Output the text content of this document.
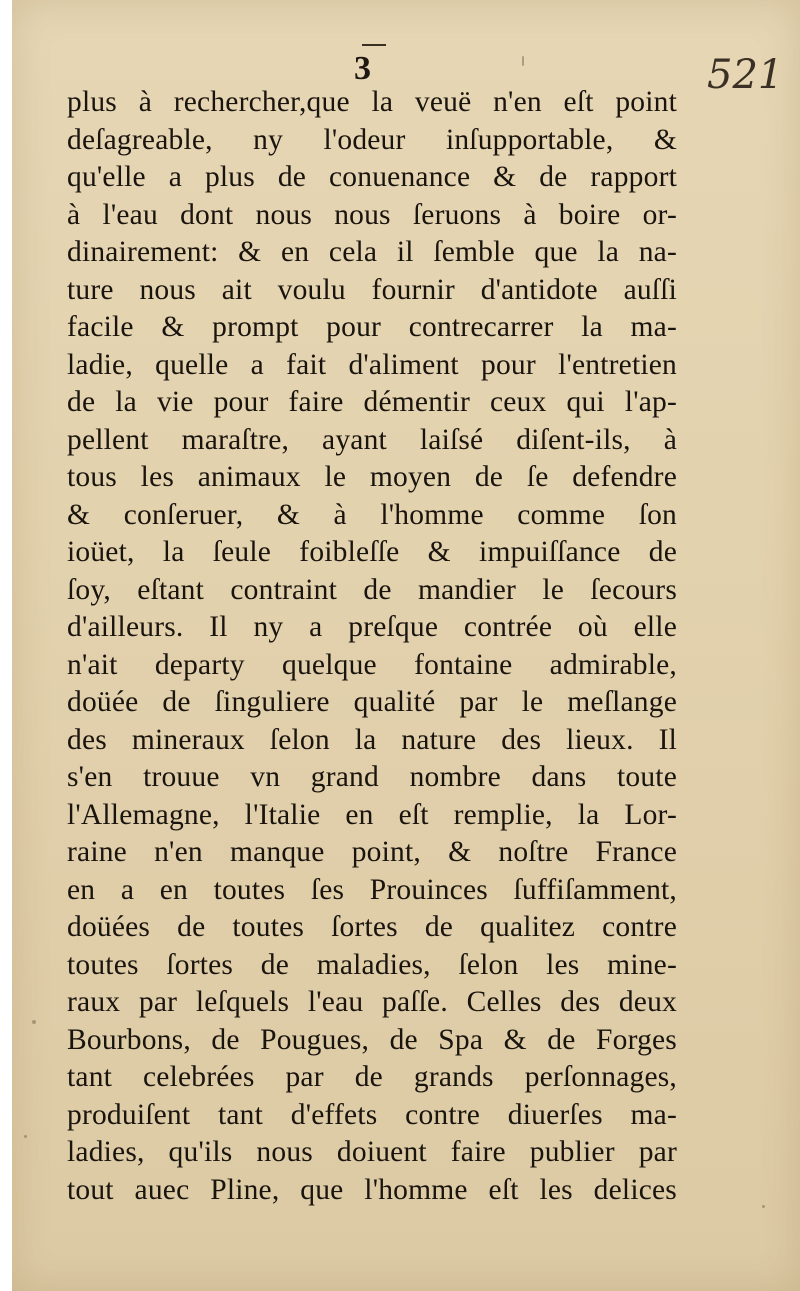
3	521
plus à rechercher,que la veuë n'en eſt point
deſagreable, ny l'odeur inſupportable, &
qu'elle a plus de conuenance & de rapport
à l'eau dont nous nous ſeruons à boire or-
dinairement: & en cela il ſemble que la na-
ture nous ait voulu fournir d'antidote auſſi
facile & prompt pour contrecarrer la ma-
ladie, quelle a fait d'aliment pour l'entretien
de la vie pour faire démentir ceux qui l'ap-
pellent maraſtre, ayant laiſsé diſent-ils, à
tous les animaux le moyen de ſe defendre
& conſeruer, & à l'homme comme ſon
ioüet, la ſeule foibleſſe & impuiſſance de
ſoy, eſtant contraint de mandier le ſecours
d'ailleurs. Il ny a preſque contrée où elle
n'ait departy quelque fontaine admirable,
doüée de ſinguliere qualité par le meſlange
des mineraux ſelon la nature des lieux. Il
s'en trouue vn grand nombre dans toute
l'Allemagne, l'Italie en eſt remplie, la Lor-
raine n'en manque point, & noſtre France
en a en toutes ſes Prouinces ſuffiſamment,
doüées de toutes ſortes de qualitez contre
toutes ſortes de maladies, ſelon les mine-
raux par leſquels l'eau paſſe. Celles des deux
Bourbons, de Pougues, de Spa & de Forges
tant celebrées par de grands perſonnages,
produiſent tant d'effets contre diuerſes ma-
ladies, qu'ils nous doiuent faire publier par
tout auec Pline, que l'homme eſt les delices
